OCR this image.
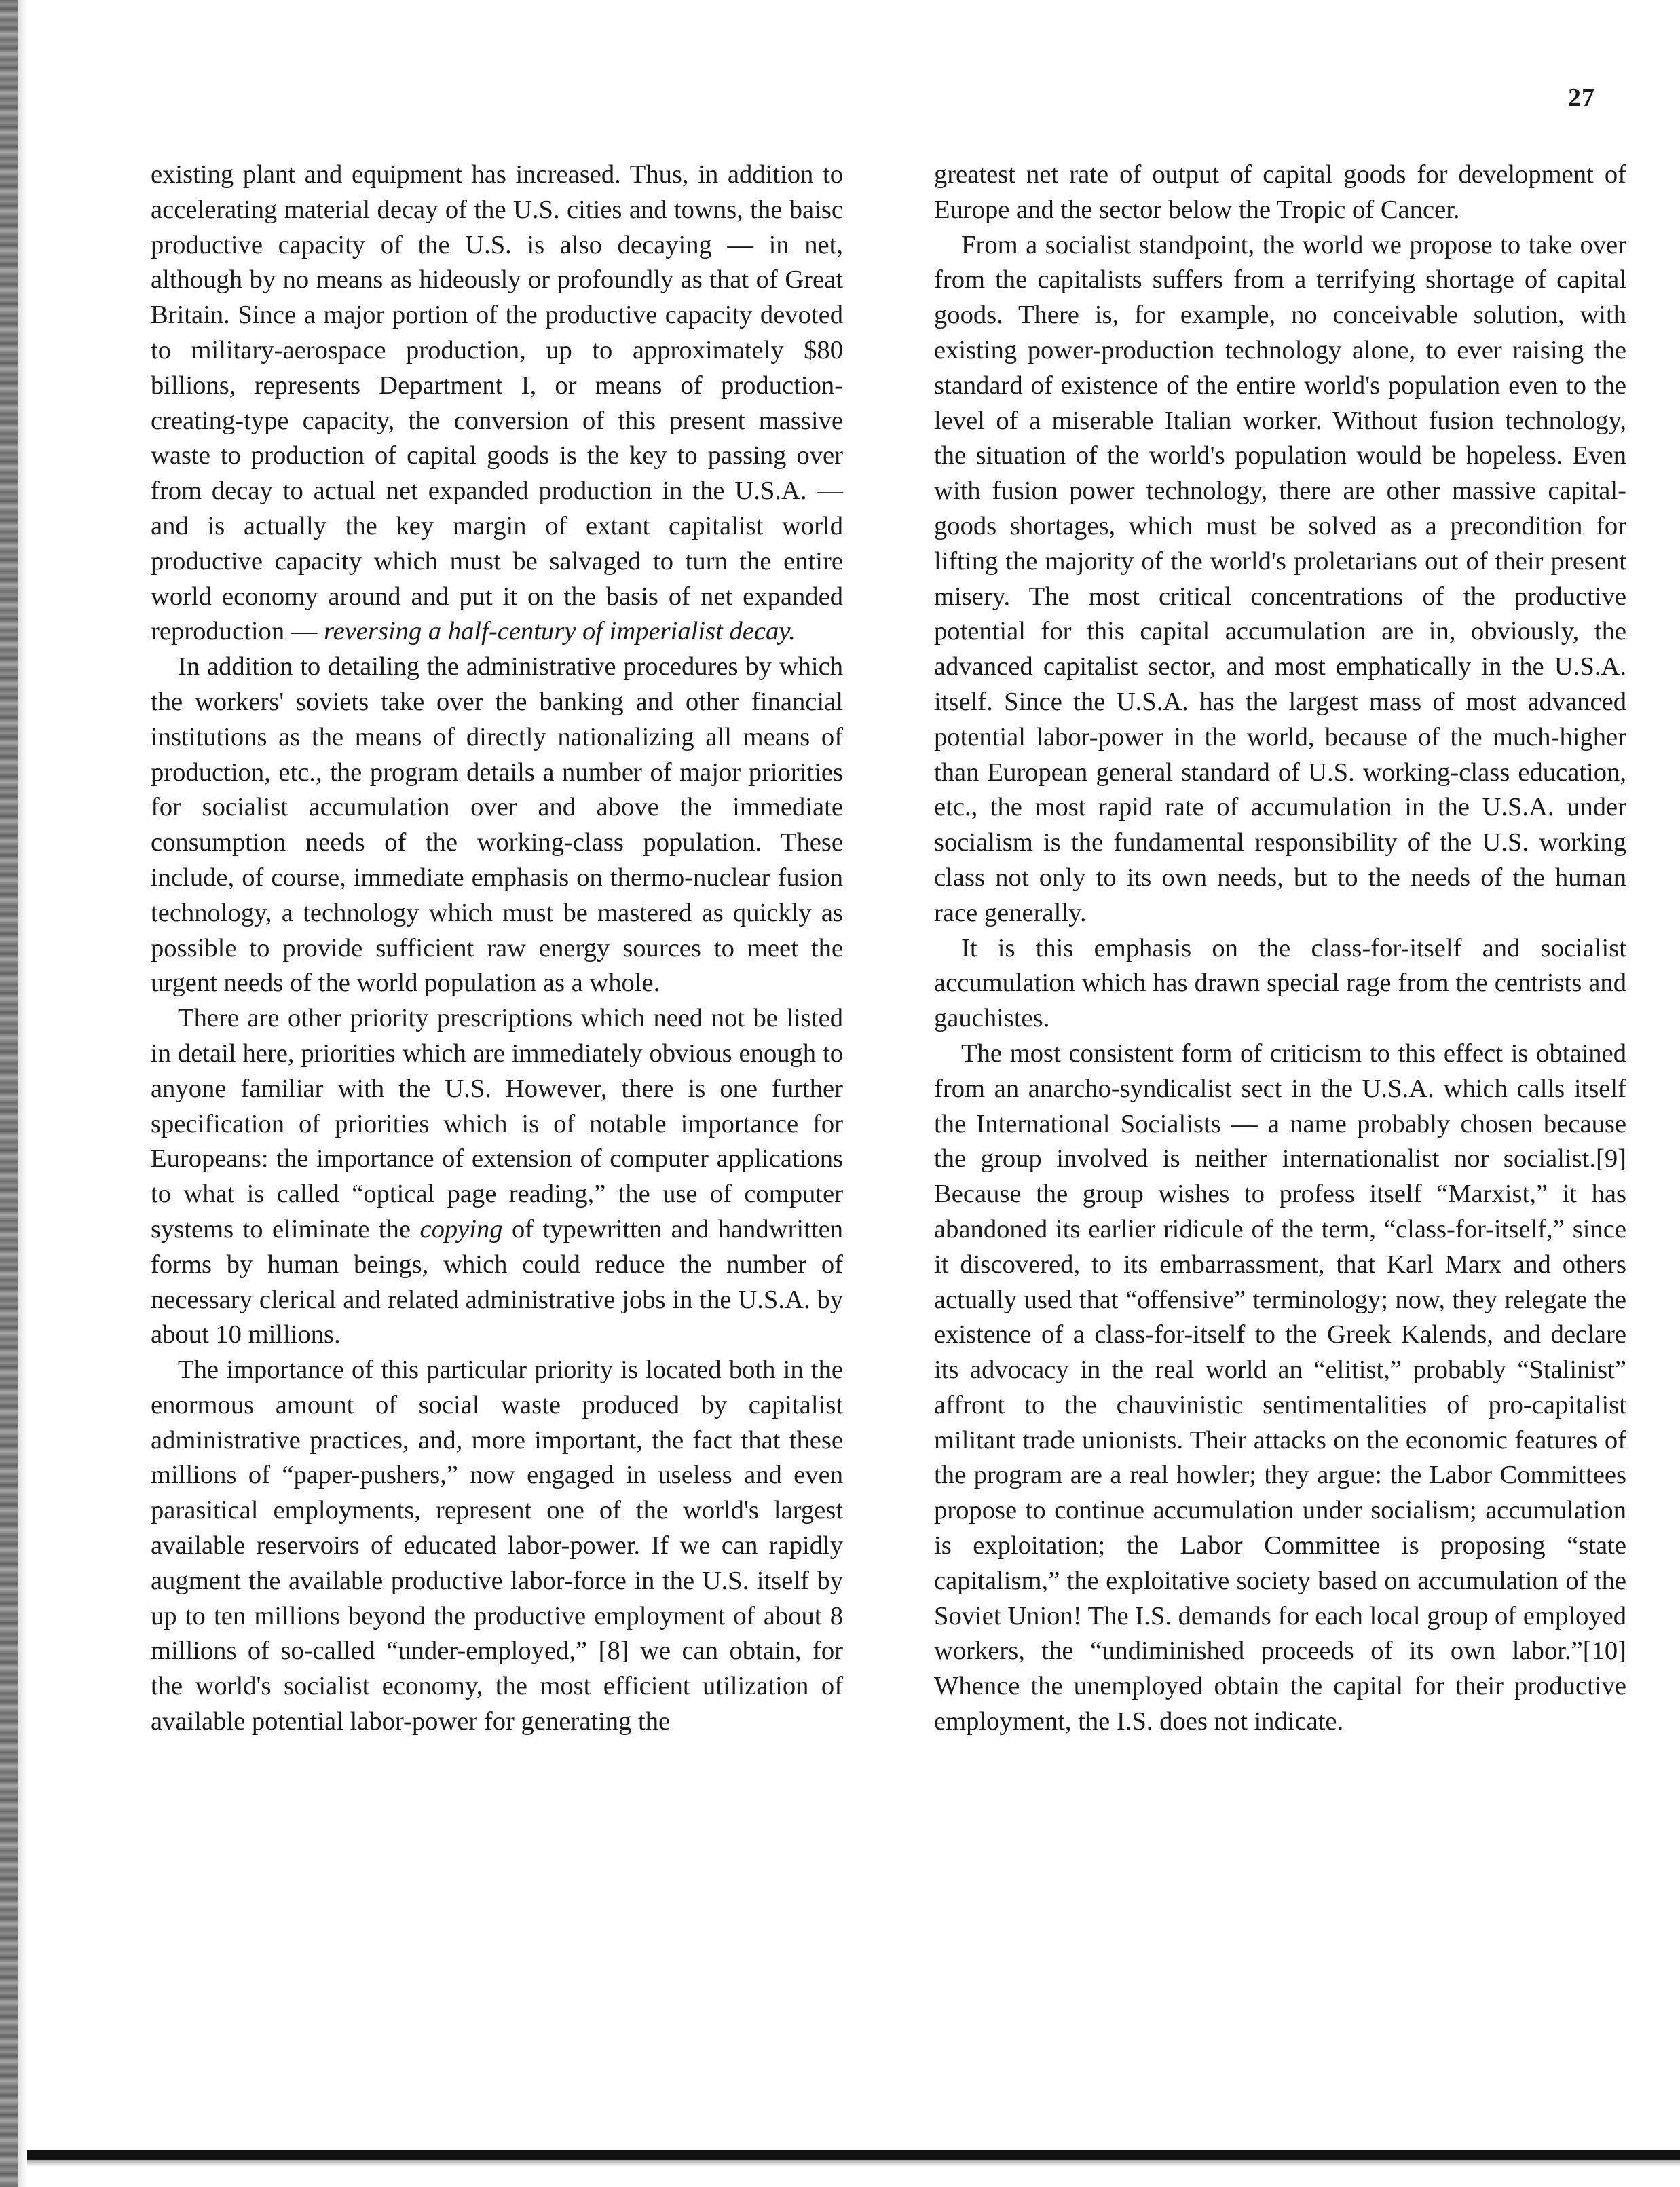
27

existing plant and equipment has increased. Thus, in addition to accelerating material decay of the U.S. cities and towns, the baisc productive capacity of the U.S. is also decaying — in net, although by no means as hideously or profoundly as that of Great Britain. Since a major portion of the productive capacity devoted to military-aerospace production, up to approximately $80 billions, represents Department I, or means of production-creating-type capacity, the conversion of this present massive waste to production of capital goods is the key to passing over from decay to actual net expanded production in the U.S.A. — and is actually the key margin of extant capitalist world productive capacity which must be salvaged to turn the entire world economy around and put it on the basis of net expanded reproduction — reversing a half-century of imperialist decay.

In addition to detailing the administrative procedures by which the workers' soviets take over the banking and other financial institutions as the means of directly nationalizing all means of production, etc., the program details a number of major priorities for socialist accumulation over and above the immediate consumption needs of the working-class population. These include, of course, immediate emphasis on thermo-nuclear fusion technology, a technology which must be mastered as quickly as possible to provide sufficient raw energy sources to meet the urgent needs of the world population as a whole.

There are other priority prescriptions which need not be listed in detail here, priorities which are immediately obvious enough to anyone familiar with the U.S. However, there is one further specification of priorities which is of notable importance for Europeans: the importance of extension of computer applications to what is called “optical page reading,” the use of computer systems to eliminate the copying of typewritten and handwritten forms by human beings, which could reduce the number of necessary clerical and related administrative jobs in the U.S.A. by about 10 millions.

The importance of this particular priority is located both in the enormous amount of social waste produced by capitalist administrative practices, and, more important, the fact that these millions of “paper-pushers,” now engaged in useless and even parasitical employments, represent one of the world's largest available reservoirs of educated labor-power. If we can rapidly augment the available productive labor-force in the U.S. itself by up to ten millions beyond the productive employment of about 8 millions of so-called “under-employed,” [8] we can obtain, for the world's socialist economy, the most efficient utilization of available potential labor-power for generating the

greatest net rate of output of capital goods for development of Europe and the sector below the Tropic of Cancer.

From a socialist standpoint, the world we propose to take over from the capitalists suffers from a terrifying shortage of capital goods. There is, for example, no conceivable solution, with existing power-production technology alone, to ever raising the standard of existence of the entire world's population even to the level of a miserable Italian worker. Without fusion technology, the situation of the world's population would be hopeless. Even with fusion power technology, there are other massive capital-goods shortages, which must be solved as a precondition for lifting the majority of the world's proletarians out of their present misery. The most critical concentrations of the productive potential for this capital accumulation are in, obviously, the advanced capitalist sector, and most emphatically in the U.S.A. itself. Since the U.S.A. has the largest mass of most advanced potential labor-power in the world, because of the much-higher than European general standard of U.S. working-class education, etc., the most rapid rate of accumulation in the U.S.A. under socialism is the fundamental responsibility of the U.S. working class not only to its own needs, but to the needs of the human race generally.

It is this emphasis on the class-for-itself and socialist accumulation which has drawn special rage from the centrists and gauchistes.

The most consistent form of criticism to this effect is obtained from an anarcho-syndicalist sect in the U.S.A. which calls itself the International Socialists — a name probably chosen because the group involved is neither internationalist nor socialist.[9] Because the group wishes to profess itself “Marxist,” it has abandoned its earlier ridicule of the term, “class-for-itself,” since it discovered, to its embarrassment, that Karl Marx and others actually used that “offensive” terminology; now, they relegate the existence of a class-for-itself to the Greek Kalends, and declare its advocacy in the real world an “elitist,” probably “Stalinist” affront to the chauvinistic sentimentalities of pro-capitalist militant trade unionists. Their attacks on the economic features of the program are a real howler; they argue: the Labor Committees propose to continue accumulation under socialism; accumulation is exploitation; the Labor Committee is proposing “state capitalism,” the exploitative society based on accumulation of the Soviet Union! The I.S. demands for each local group of employed workers, the “undiminished proceeds of its own labor.”[10] Whence the unemployed obtain the capital for their productive employment, the I.S. does not indicate.
